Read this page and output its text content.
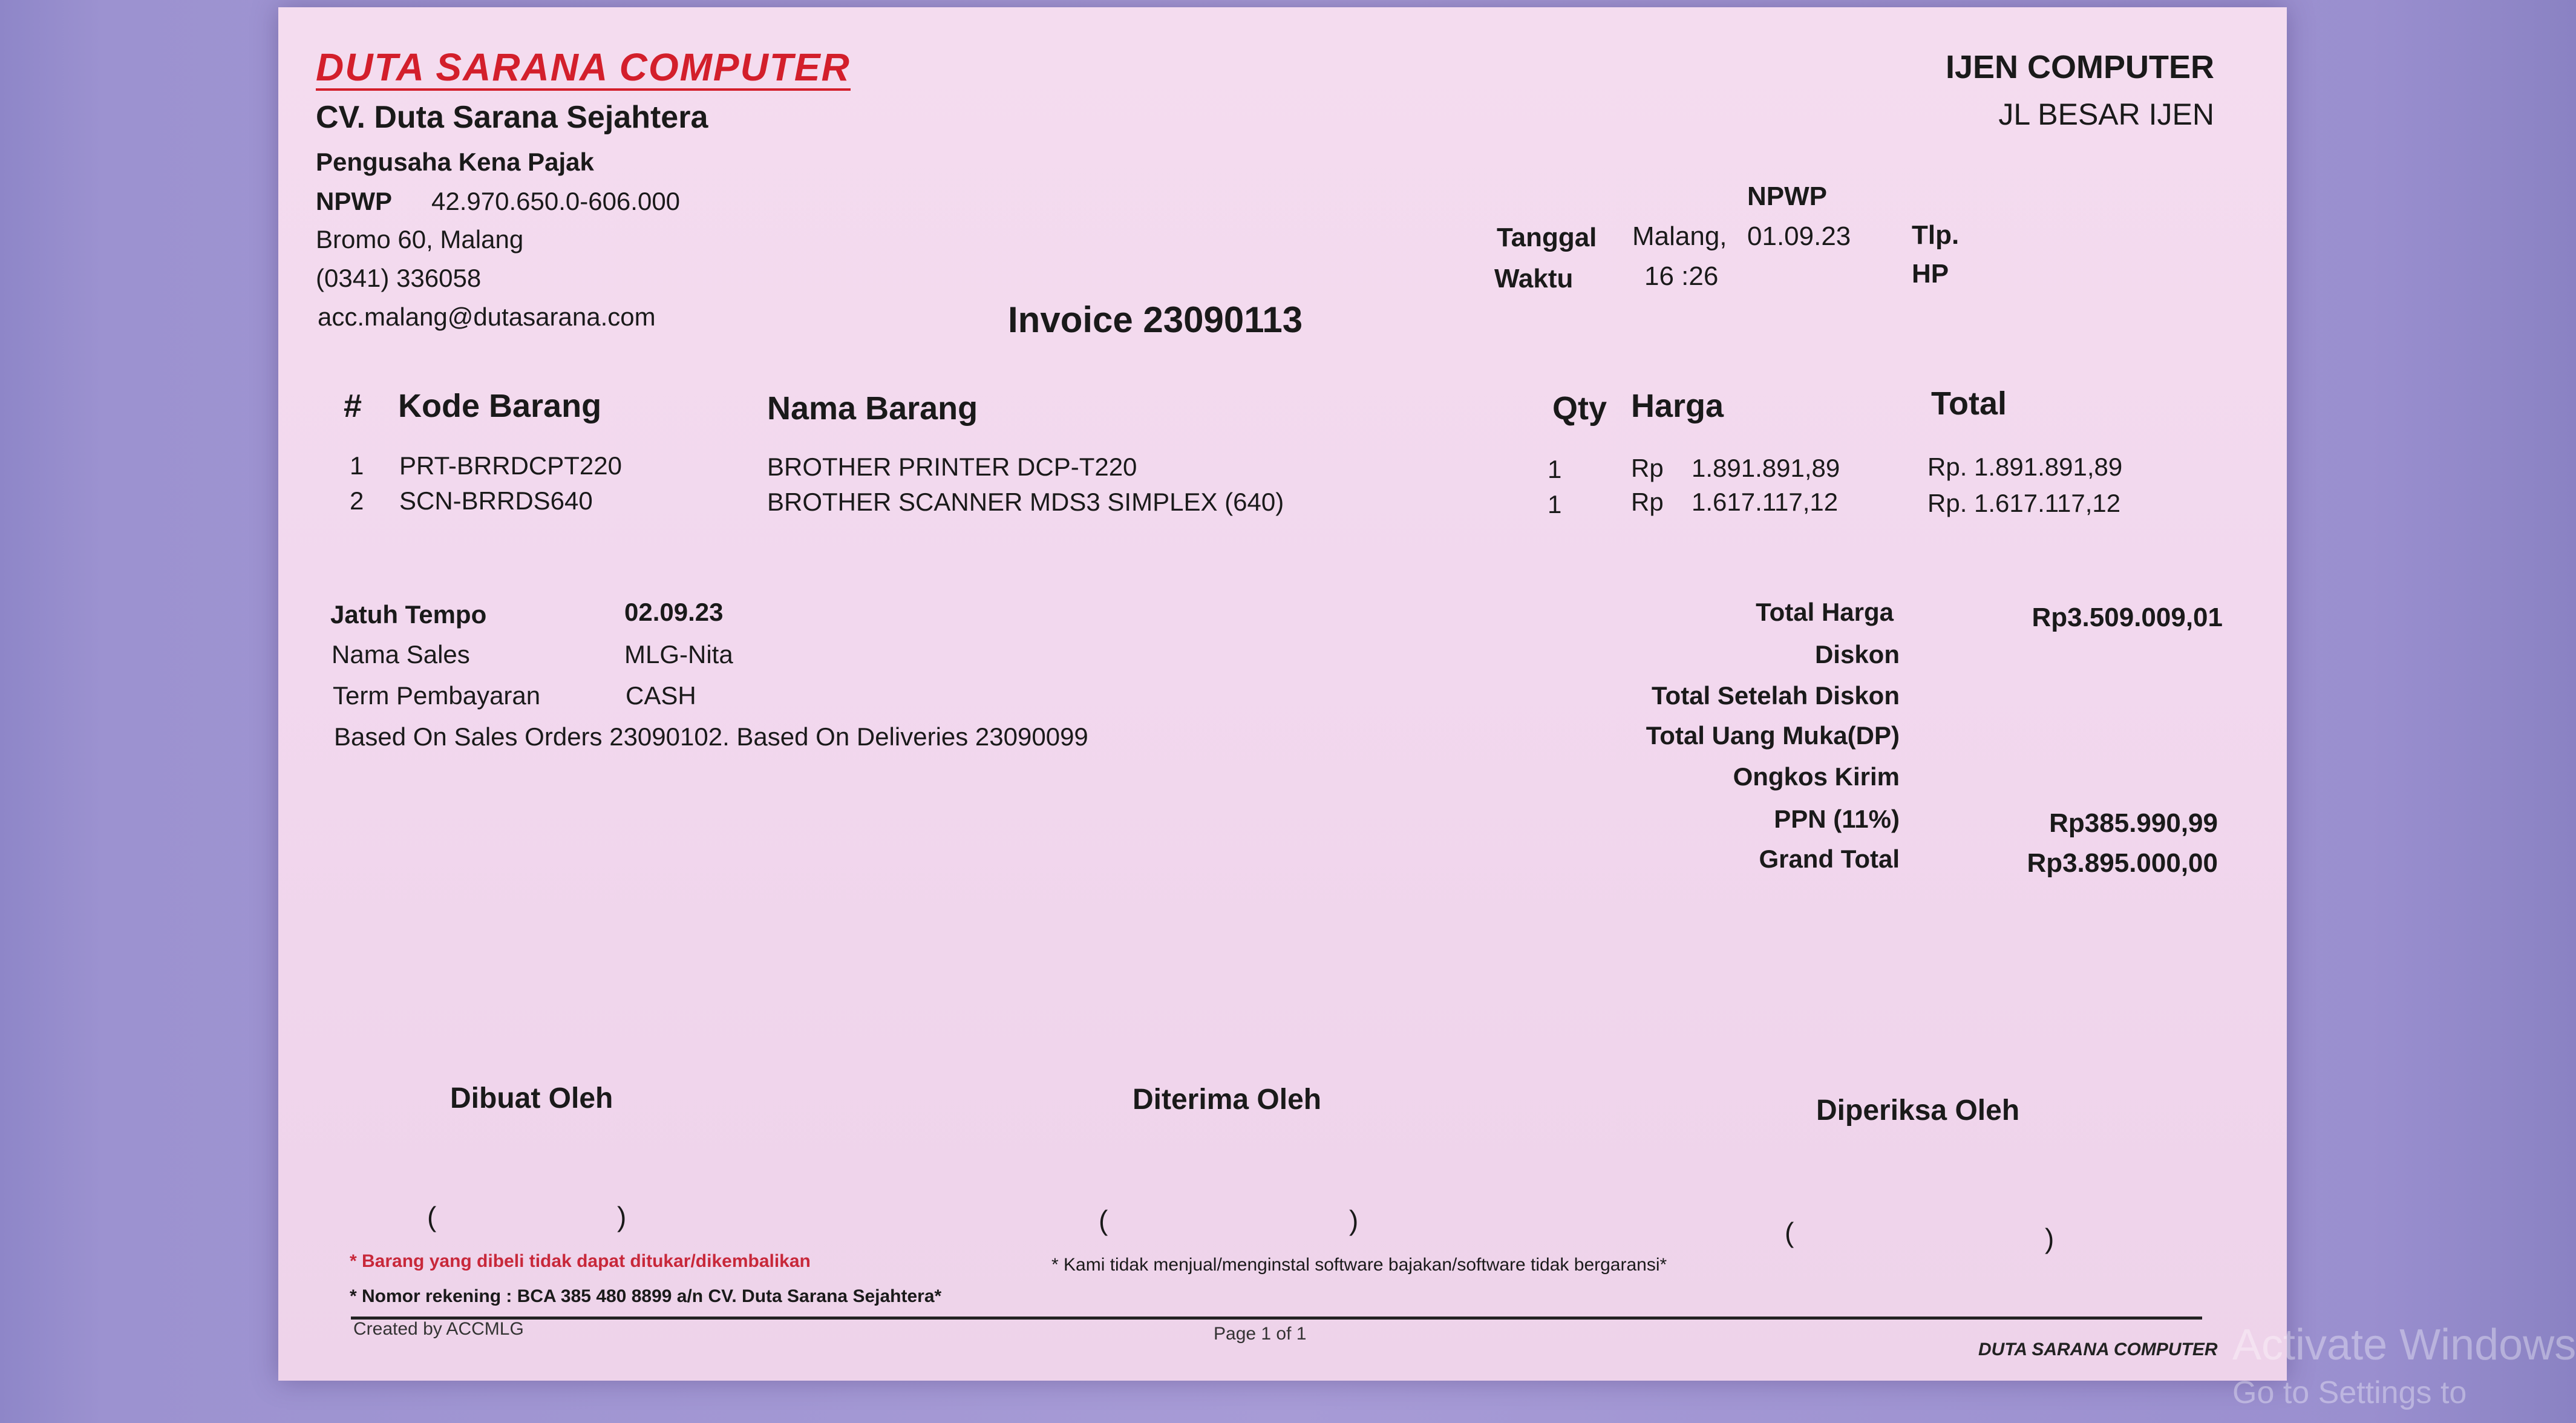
DUTA SARANA COMPUTER
CV. Duta Sarana Sejahtera
Pengusaha Kena Pajak
NPWP 42.970.650.0-606.000
Bromo 60, Malang
(0341) 336058
acc.malang@dutasarana.com
IJEN COMPUTER
JL BESAR IJEN
NPWP
Tanggal Malang, 01.09.23
Waktu	16 :26
Tlp.
HP
Invoice 23090113
# Kode Barang	Nama Barang	Qty Harga	Total
1 PRT-BRRDCPT220	BROTHER PRINTER DCP-T220	1	Rp 1.891.891,89	Rp. 1.891.891,89
2 SCN-BRRDS640	BROTHER SCANNER MDS3 SIMPLEX (640)	1	Rp 1.617.117,12	Rp. 1.617.117,12
Jatuh Tempo	02.09.23
Nama Sales	MLG-Nita
Term Pembayaran	CASH
Based On Sales Orders 23090102. Based On Deliveries 23090099
Total Harga	Rp3.509.009,01
Diskon
Total Setelah Diskon
Total Uang Muka(DP)
Ongkos Kirim
PPN (11%)	Rp385.990,99
Grand Total	Rp3.895.000,00
Dibuat Oleh	Diterima Oleh	Diperiksa Oleh
(	)	(	)	(	)
* Barang yang dibeli tidak dapat ditukar/dikembalikan	* Kami tidak menjual/menginstal software bajakan/software tidak bergaransi*
* Nomor rekening : BCA 385 480 8899 a/n CV. Duta Sarana Sejahtera*
Created by ACCMLG	Page 1 of 1
DUTA SARANA COMPUTER Activate Windows
Go to Settings to
